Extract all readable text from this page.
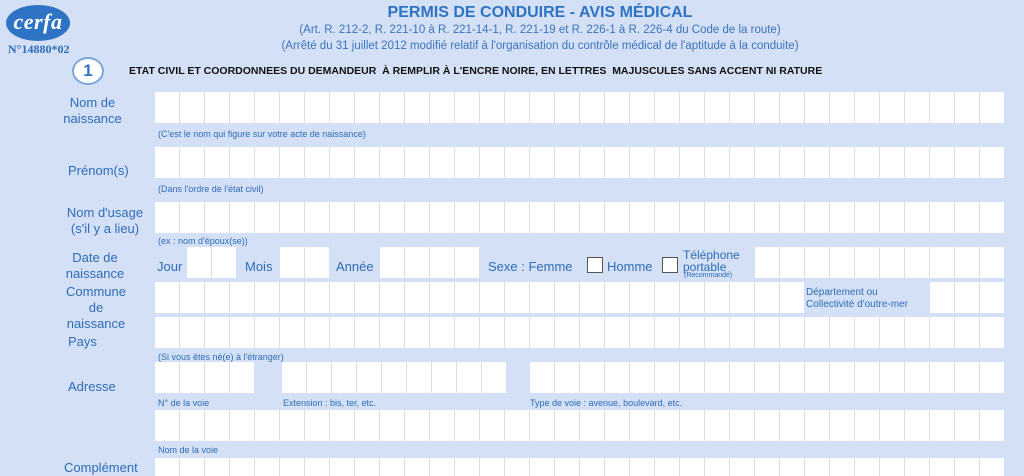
cerfa
N°14880*02
PERMIS DE CONDUIRE - AVIS MÉDICAL
(Art. R. 212-2, R. 221-10 à R. 221-14-1, R. 221-19 et R. 226-1 à R. 226-4 du Code de la route)
(Arrêté du 31 juillet 2012 modifié relatif à l'organisation du contrôle médical de l'aptitude à la conduite)
1	ETAT CIVIL ET COORDONNEES DU DEMANDEUR  À REMPLIR À L'ENCRE NOIRE, EN LETTRES  MAJUSCULES SANS ACCENT NI RATURE
Nom de naissance
(C'est le nom qui figure sur votre acte de naissance)
Prénom(s)
(Dans l'ordre de l'état civil)
Nom d'usage (s'il y a lieu)
(ex : nom d'époux(se))
Date de naissance	Jour	Mois	Année	Sexe : Femme	Homme
Téléphone portable
(Recommandé)
Commune de naissance
Département ou Collectivité d'outre-mer
Pays
(Si vous êtes né(e) à l'étranger)
Adresse
N° de la voie	Extension : bis, ter, etc.	Type de voie : avenue, boulevard, etc.
Nom de la voie
Complément
